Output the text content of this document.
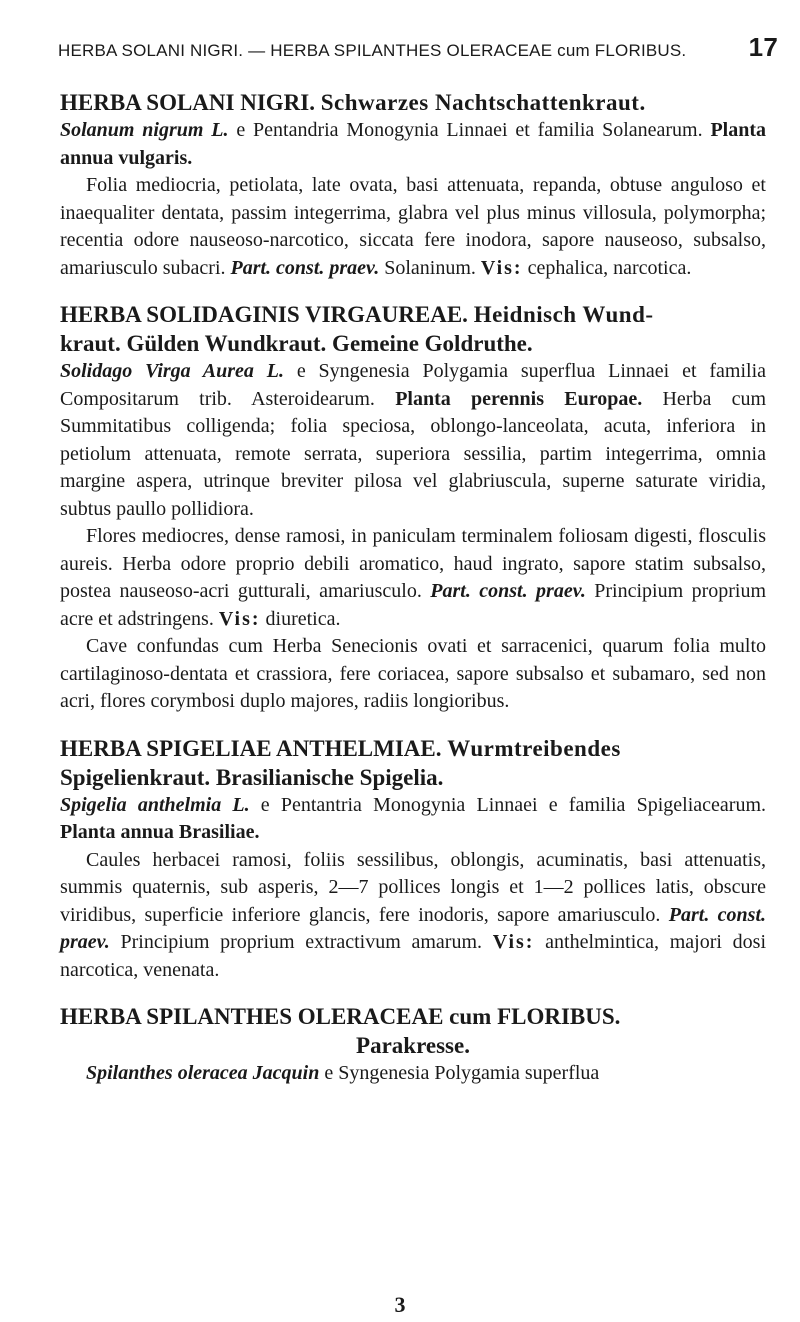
HERBA SOLANI NIGRI. — HERBA SPILANTHES OLERACEAE cum FLORIBUS. 17
HERBA SOLANI NIGRI. Schwarzes Nachtschattenkraut.

Solanum nigrum L. e Pentandria Monogynia Linnaei et familia Solanearum. Planta annua vulgaris.

Folia mediocria, petiolata, late ovata, basi attenuata, repanda, obtuse anguloso et inaequaliter dentata, passim integerrima, glabra vel plus minus villosula, polymorpha; recentia odore nauseoso-narcotico, siccata fere inodora, sapore nauseoso, subsalso, amariusculo subacri. Part. const. praev. Solaninum. Vis: cephalica, narcotica.

HERBA SOLIDAGINIS VIRGAUREAE. Heidnisch Wund-
kraut. Gülden Wundkraut. Gemeine Goldruthe.

Solidago Virga Aurea L. e Syngenesia Polygamia superflua Linnaei et familia Compositarum trib. Asteroidearum. Planta perennis Europae. Herba cum Summitatibus colligenda; folia speciosa, oblongo-lanceolata, acuta, inferiora in petiolum attenuata, remote serrata, superiora sessilia, partim integerrima, omnia margine aspera, utrinque breviter pilosa vel glabriuscula, superne saturate viridia, subtus paullo pollidiora.

Flores mediocres, dense ramosi, in paniculam terminalem foliosam digesti, flosculis aureis. Herba odore proprio debili aromatico, haud ingrato, sapore statim subsalso, postea nauseoso-acri gutturali, amariusculo. Part. const. praev. Principium proprium acre et adstringens. Vis: diuretica.

Cave confundas cum Herba Senecionis ovati et sarracenici, quarum folia multo cartilaginoso-dentata et crassiora, fere coriacea, sapore subsalso et subamaro, sed non acri, flores corymbosi duplo majores, radiis longioribus.

HERBA SPIGELIAE ANTHELMIAE. Wurmtreibendes
Spigelienkraut. Brasilianische Spigelia.

Spigelia anthelmia L. e Pentantria Monogynia Linnaei e familia Spigeliacearum. Planta annua Brasiliae.

Caules herbacei ramosi, foliis sessilibus, oblongis, acuminatis, basi attenuatis, summis quaternis, sub asperis, 2—7 pollices longis et 1—2 pollices latis, obscure viridibus, superficie inferiore glancis, fere inodoris, sapore amariusculo. Part. const. praev. Principium proprium extractivum amarum. Vis: anthelmintica, majori dosi narcotica, venenata.

HERBA SPILANTHES OLERACEAE cum FLORIBUS.
Parakresse.

Spilanthes oleracea Jacquin e Syngenesia Polygamia superflua

3
